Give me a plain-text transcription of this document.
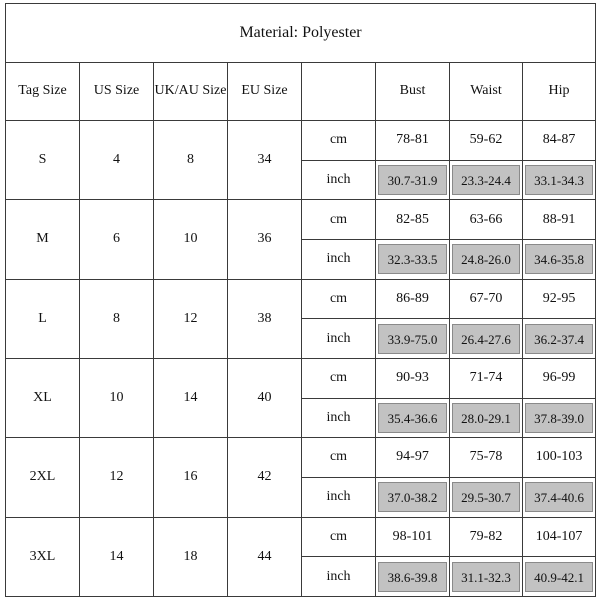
Material: Polyester							
Tag Size	US Size	UK/AU Size	EU Size		Bust	Waist	Hip
S	4	8	34	cm	78-81	59-62	84-87
				inch	30.7-31.9	23.3-24.4	33.1-34.3

M	6	10	36	cm	82-85	63-66	88-91
				inch	32.3-33.5	24.8-26.0	34.6-35.8

L	8	12	38	cm	86-89	67-70	92-95
				inch	33.9-75.0	26.4-27.6	36.2-37.4

XL	10	14	40	cm	90-93	71-74	96-99
				inch	35.4-36.6	28.0-29.1	37.8-39.0

2XL	12	16	42	cm	94-97	75-78	100-103
				inch	37.0-38.2	29.5-30.7	37.4-40.6

3XL	14	18	44	cm	98-101	79-82	104-107
				inch	38.6-39.8	31.1-32.3	40.9-42.1
